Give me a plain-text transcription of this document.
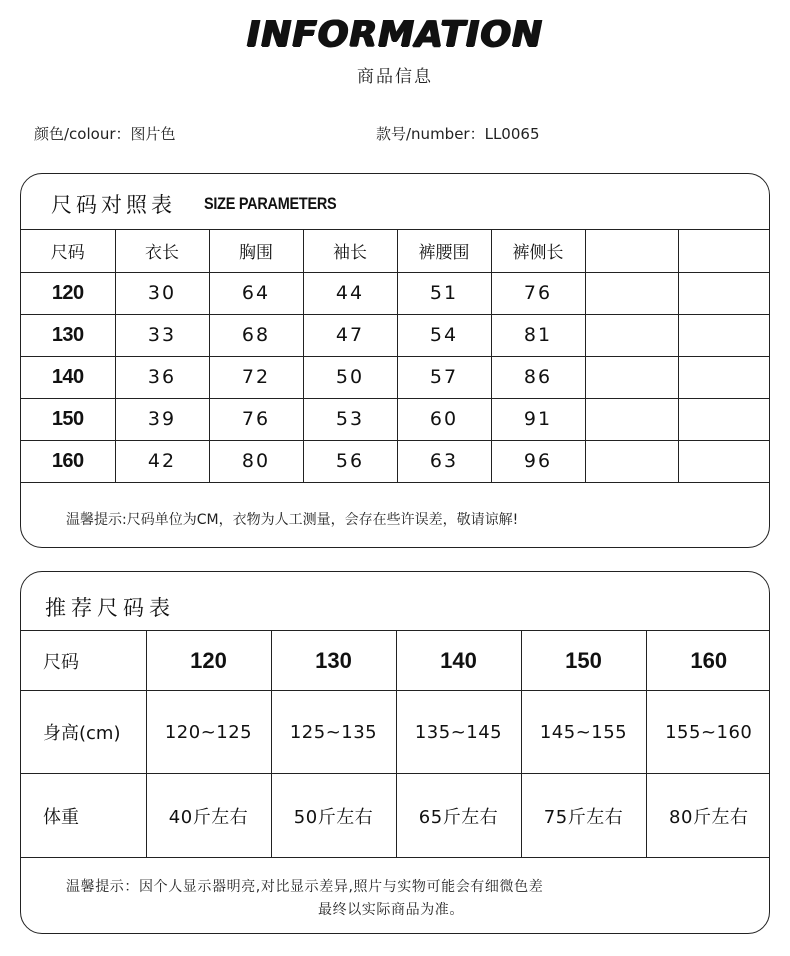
INFORMATION
商品信息
颜色/colour：图片色	款号/number：LL0065
尺码对照表 SIZE PARAMETERS
尺码	衣长	胸围	袖长	裤腰围	裤侧长		
120	30	64	44	51	76		
130	33	68	47	54	81		
140	36	72	50	57	86		
150	39	76	53	60	91		
160	42	80	56	63	96		
温馨提示:尺码单位为CM，衣物为人工测量，会存在些许误差，敬请谅解!
推荐尺码表
尺码	120	130	140	150	160
身高(cm)	120~125	125~135	135~145	145~155	155~160
体重	40斤左右	50斤左右	65斤左右	75斤左右	80斤左右
温馨提示：因个人显示器明亮,对比显示差异,照片与实物可能会有细微色差
最终以实际商品为准。
